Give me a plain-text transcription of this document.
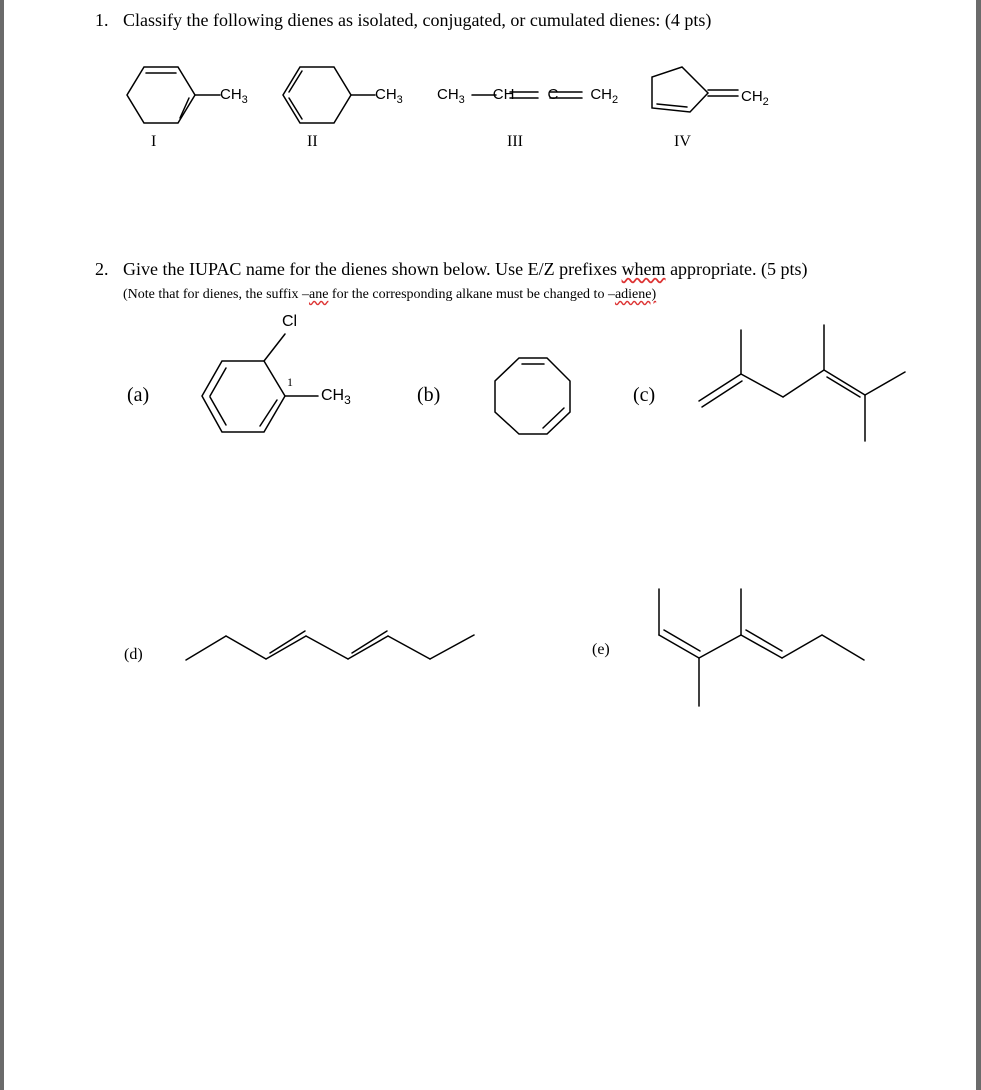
1. Classify the following dienes as isolated, conjugated, or cumulated dienes: (4 pts)
$CH_3$	$CH_3$ $CH_3$ CH C $CH_2$	$CH_2$
I	II	III	IV
2. Give the IUPAC name for the dienes shown below. Use E/Z prefixes whem appropriate. (5 pts)
(Note that for dienes, the suffix –ane for the corresponding alkane must be changed to –adiene)
(a)	(b)	(c)
(d)	(e)
Cl
$CH_3$
1
